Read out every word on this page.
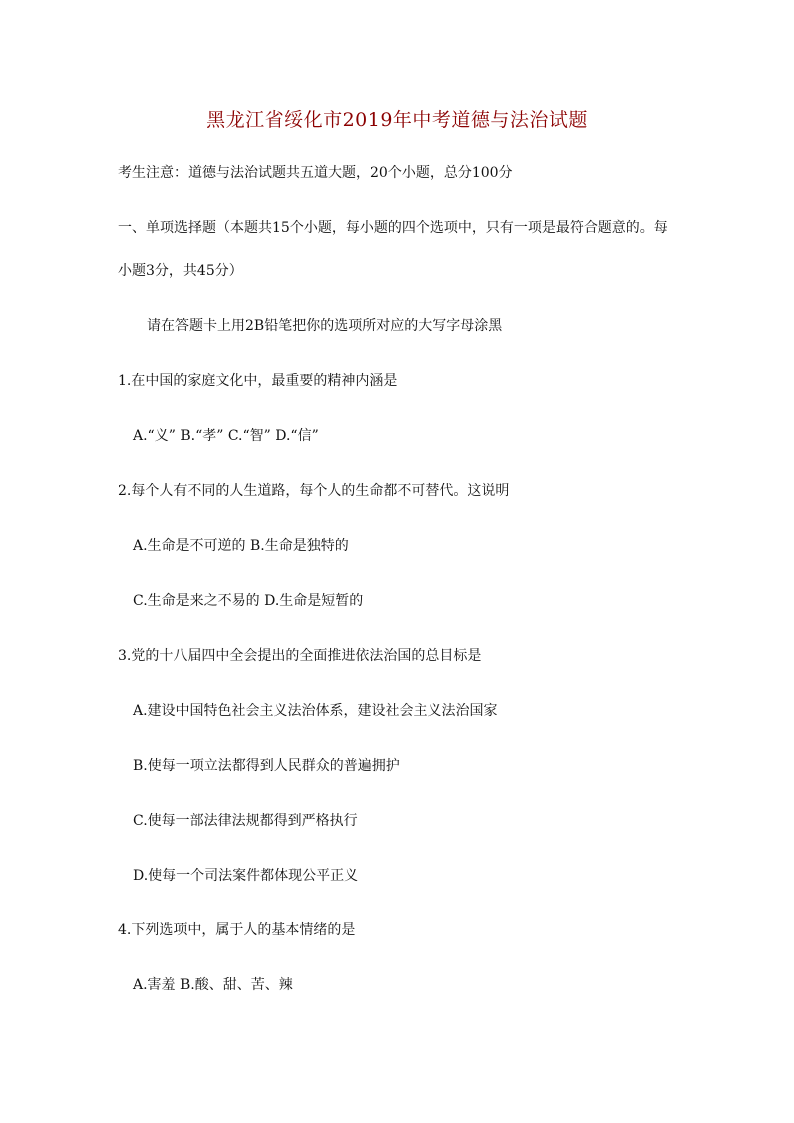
黑龙江省绥化市2019年中考道德与法治试题
考生注意：道德与法治试题共五道大题，20个小题，总分100分
一、单项选择题（本题共15个小题，每小题的四个选项中，只有一项是最符合题意的。每
小题3分，共45分）
请在答题卡上用2B铅笔把你的选项所对应的大写字母涂黑
1.在中国的家庭文化中，最重要的精神内涵是
A.“义” B.“孝” C.“智” D.“信”
2.每个人有不同的人生道路，每个人的生命都不可替代。这说明
A.生命是不可逆的 B.生命是独特的
C.生命是来之不易的 D.生命是短暂的
3.党的十八届四中全会提出的全面推进依法治国的总目标是
A.建设中国特色社会主义法治体系，建设社会主义法治国家
B.使每一项立法都得到人民群众的普遍拥护
C.使每一部法律法规都得到严格执行
D.使每一个司法案件都体现公平正义
4.下列选项中，属于人的基本情绪的是
A.害羞 B.酸、甜、苦、辣
